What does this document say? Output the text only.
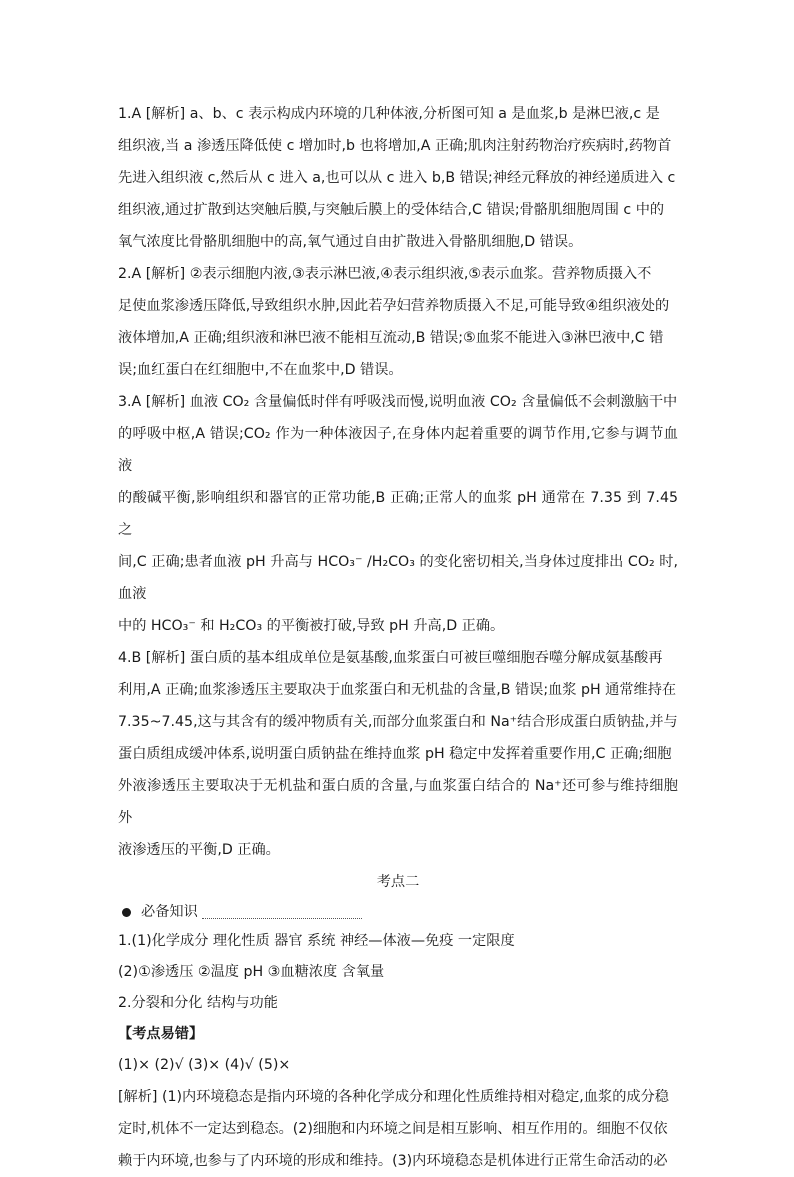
1.A [解析] a、b、c 表示构成内环境的几种体液,分析图可知 a 是血浆,b 是淋巴液,c 是

组织液,当 a 渗透压降低使 c 增加时,b 也将增加,A 正确;肌肉注射药物治疗疾病时,药物首

先进入组织液 c,然后从 c 进入 a,也可以从 c 进入 b,B 错误;神经元释放的神经递质进入 c

组织液,通过扩散到达突触后膜,与突触后膜上的受体结合,C 错误;骨骼肌细胞周围 c 中的

氧气浓度比骨骼肌细胞中的高,氧气通过自由扩散进入骨骼肌细胞,D 错误。

2.A [解析] ②表示细胞内液,③表示淋巴液,④表示组织液,⑤表示血浆。营养物质摄入不

足使血浆渗透压降低,导致组织水肿,因此若孕妇营养物质摄入不足,可能导致④组织液处的

液体增加,A 正确;组织液和淋巴液不能相互流动,B 错误;⑤血浆不能进入③淋巴液中,C 错

误;血红蛋白在红细胞中,不在血浆中,D 错误。

3.A [解析] 血液 CO₂ 含量偏低时伴有呼吸浅而慢,说明血液 CO₂ 含量偏低不会刺激脑干中

的呼吸中枢,A 错误;CO₂ 作为一种体液因子,在身体内起着重要的调节作用,它参与调节血液

的酸碱平衡,影响组织和器官的正常功能,B 正确;正常人的血浆 pH 通常在 7.35 到 7.45 之

间,C 正确;患者血液 pH 升高与 HCO₃⁻ /H₂CO₃ 的变化密切相关,当身体过度排出 CO₂ 时,血液

中的 HCO₃⁻ 和 H₂CO₃ 的平衡被打破,导致 pH 升高,D 正确。

4.B [解析] 蛋白质的基本组成单位是氨基酸,血浆蛋白可被巨噬细胞吞噬分解成氨基酸再

利用,A 正确;血浆渗透压主要取决于血浆蛋白和无机盐的含量,B 错误;血浆 pH 通常维持在

7.35~7.45,这与其含有的缓冲物质有关,而部分血浆蛋白和 Na⁺结合形成蛋白质钠盐,并与

蛋白质组成缓冲体系,说明蛋白质钠盐在维持血浆 pH 稳定中发挥着重要作用,C 正确;细胞

外液渗透压主要取决于无机盐和蛋白质的含量,与血浆蛋白结合的 Na⁺还可参与维持细胞外

液渗透压的平衡,D 正确。

考点二

必备知识

1.(1)化学成分 理化性质 器官 系统 神经—体液—免疫 一定限度

(2)①渗透压 ②温度 pH ③血糖浓度 含氧量

2.分裂和分化 结构与功能

【考点易错】

(1)× (2)√ (3)× (4)√ (5)×

[解析] (1)内环境稳态是指内环境的各种化学成分和理化性质维持相对稳定,血浆的成分稳

定时,机体不一定达到稳态。(2)细胞和内环境之间是相互影响、相互作用的。细胞不仅依

赖于内环境,也参与了内环境的形成和维持。(3)内环境稳态是机体进行正常生命活动的必
